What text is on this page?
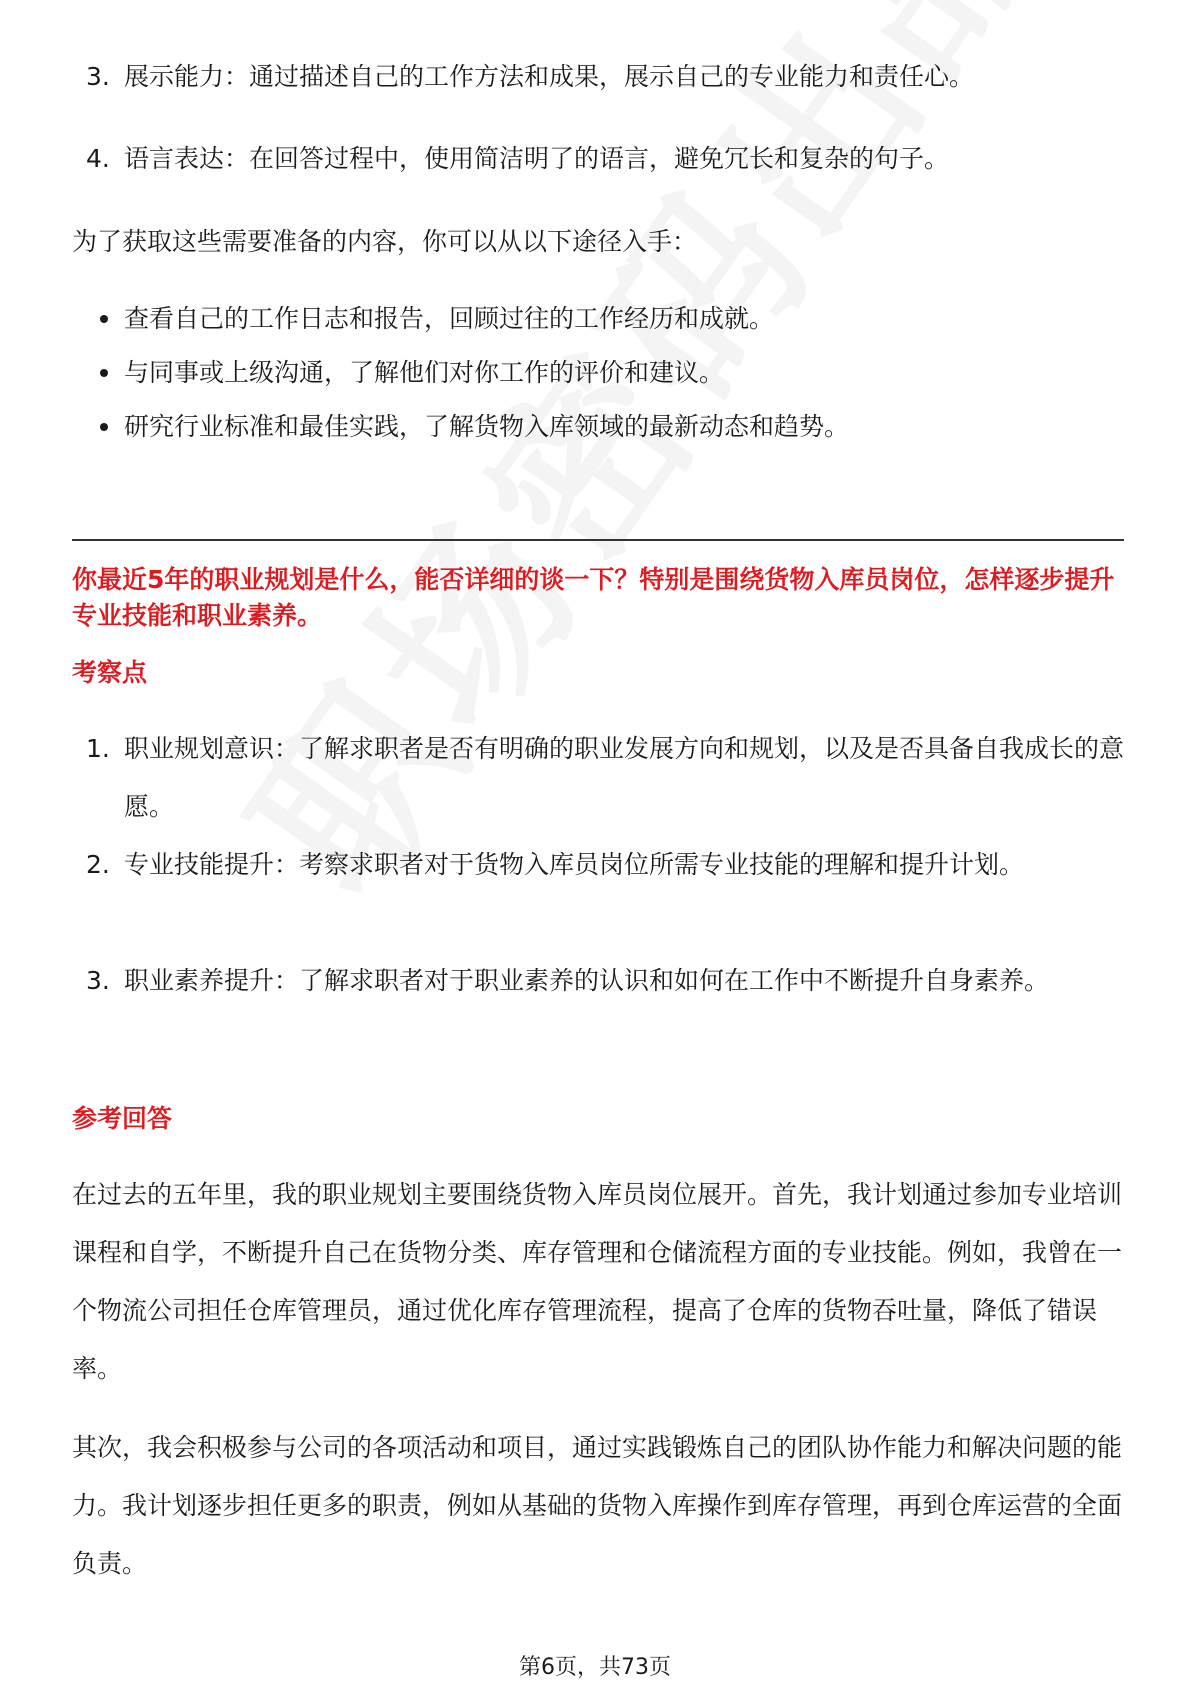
3. 展示能力：通过描述自己的工作方法和成果，展示自己的专业能力和责任心。
4. 语言表达：在回答过程中，使用简洁明了的语言，避免冗长和复杂的句子。
为了获取这些需要准备的内容，你可以从以下途径入手：
查看自己的工作日志和报告，回顾过往的工作经历和成就。
与同事或上级沟通，了解他们对你工作的评价和建议。
研究行业标准和最佳实践，了解货物入库领域的最新动态和趋势。
你最近5年的职业规划是什么，能否详细的谈一下？特别是围绕货物入库员岗位，怎样逐步提升专业技能和职业素养。
考察点
1. 职业规划意识：了解求职者是否有明确的职业发展方向和规划，以及是否具备自我成长的意愿。
2. 专业技能提升：考察求职者对于货物入库员岗位所需专业技能的理解和提升计划。
3. 职业素养提升：了解求职者对于职业素养的认识和如何在工作中不断提升自身素养。
参考回答
在过去的五年里，我的职业规划主要围绕货物入库员岗位展开。首先，我计划通过参加专业培训课程和自学，不断提升自己在货物分类、库存管理和仓储流程方面的专业技能。例如，我曾在一个物流公司担任仓库管理员，通过优化库存管理流程，提高了仓库的货物吞吐量，降低了错误率。
其次，我会积极参与公司的各项活动和项目，通过实践锻炼自己的团队协作能力和解决问题的能力。我计划逐步担任更多的职责，例如从基础的货物入库操作到库存管理，再到仓库运营的全面负责。
第6页，共73页
